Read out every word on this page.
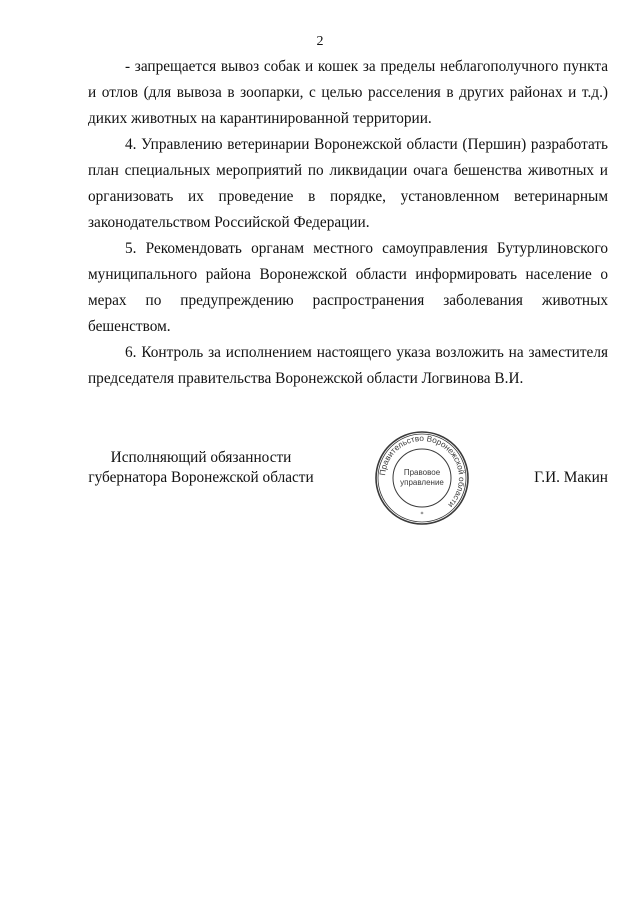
2

- запрещается вывоз собак и кошек за пределы неблагополучного пункта и отлов (для вывоза в зоопарки, с целью расселения в других районах и т.д.) диких животных на карантинированной территории.

4. Управлению ветеринарии Воронежской области (Першин) разработать план специальных мероприятий по ликвидации очага бешенства животных и организовать их проведение в порядке, установленном ветеринарным законодательством Российской Федерации.

5. Рекомендовать органам местного самоуправления Бутурлиновского муниципального района Воронежской области информировать население о мерах по предупреждению распространения заболевания животных бешенством.

6. Контроль за исполнением настоящего указа возложить на заместителя председателя правительства Воронежской области Логвинова В.И.

Исполняющий обязанности
губернатора Воронежской области	Г.И. Макин
Правительство Воронежской области
Правовое
управление
*
